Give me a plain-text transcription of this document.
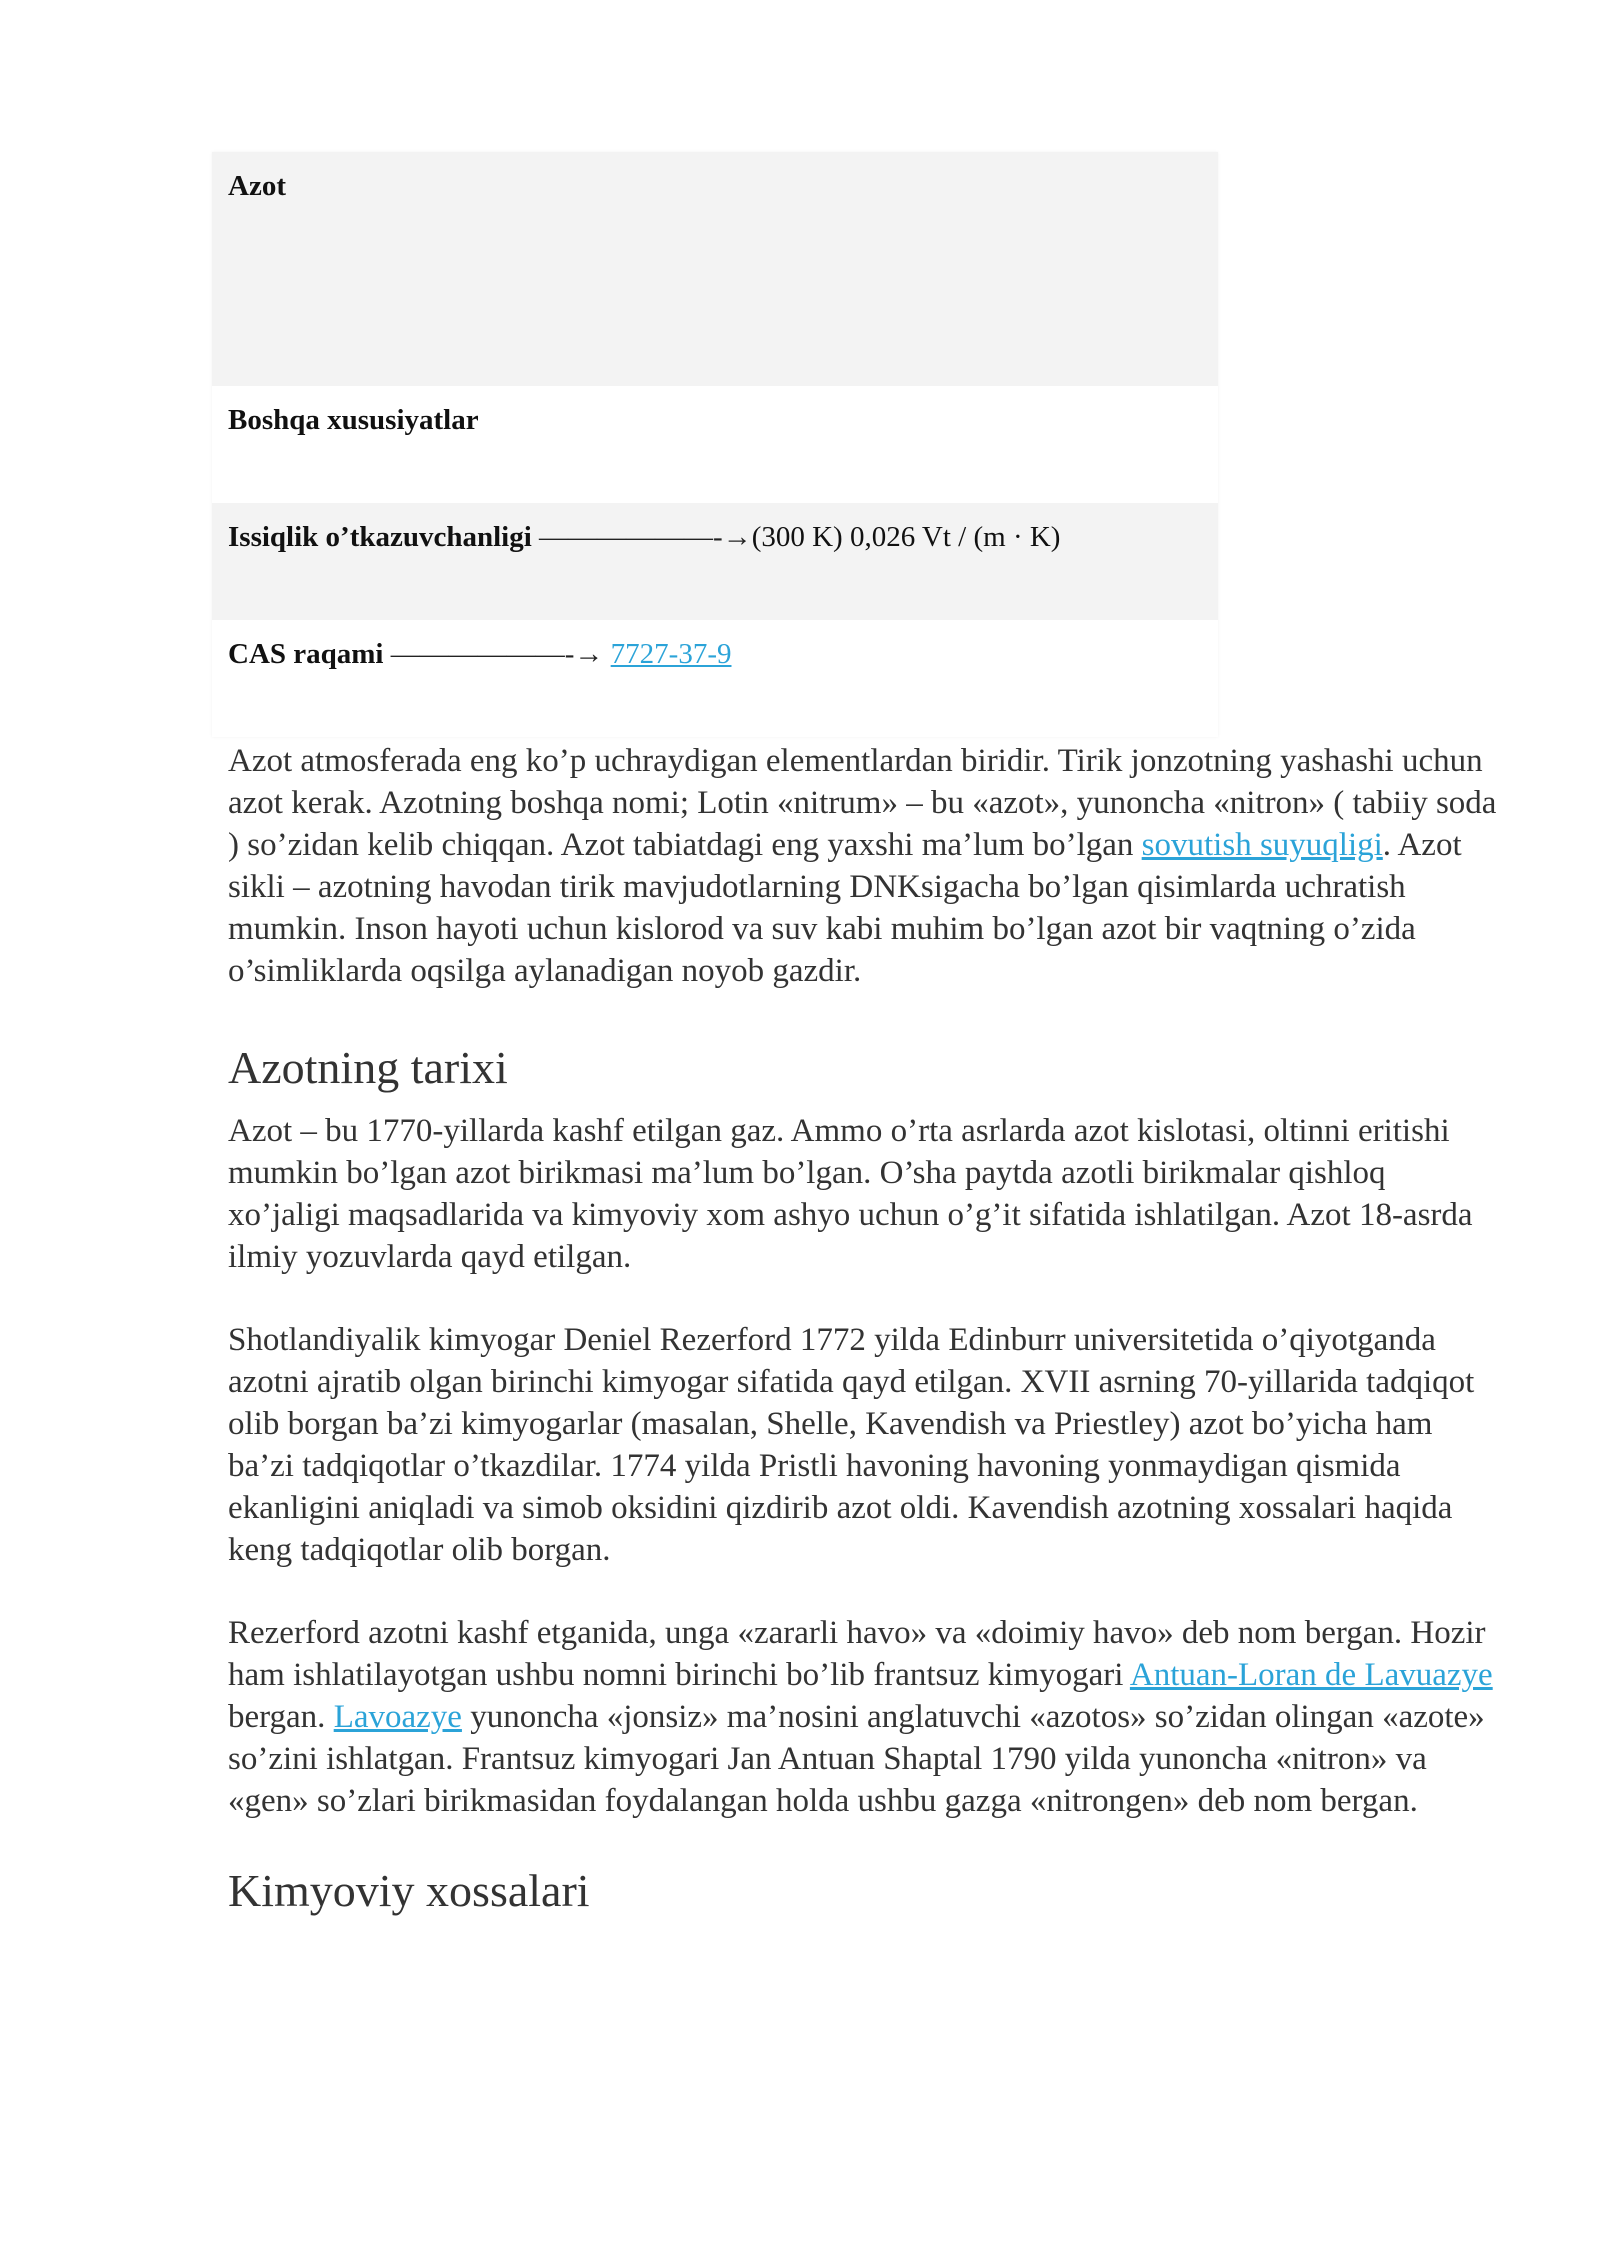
Azot
Boshqa xususiyatlar
Issiqlik o’tkazuvchanligi ——————-→(300 K) 0,026 Vt / (m · K)
CAS raqami ——————-→ 7727-37-9

Azot atmosferada eng ko’p uchraydigan elementlardan biridir. Tirik jonzotning yashashi uchun azot kerak. Azotning boshqa nomi; Lotin «nitrum» – bu «azot», yunoncha «nitron» ( tabiiy soda ) so’zidan kelib chiqqan. Azot tabiatdagi eng yaxshi ma’lum bo’lgan sovutish suyuqligi. Azot sikli – azotning havodan tirik mavjudotlarning DNKsigacha bo’lgan qisimlarda uchratish mumkin. Inson hayoti uchun kislorod va suv kabi muhim bo’lgan azot bir vaqtning o’zida o’simliklarda oqsilga aylanadigan noyob gazdir.

Azotning tarixi

Azot – bu 1770-yillarda kashf etilgan gaz. Ammo o’rta asrlarda azot kislotasi, oltinni eritishi mumkin bo’lgan azot birikmasi ma’lum bo’lgan. O’sha paytda azotli birikmalar qishloq xo’jaligi maqsadlarida va kimyoviy xom ashyo uchun o’g’it sifatida ishlatilgan. Azot 18-asrda ilmiy yozuvlarda qayd etilgan.

Shotlandiyalik kimyogar Deniel Rezerford 1772 yilda Edinburr universitetida o’qiyotganda azotni ajratib olgan birinchi kimyogar sifatida qayd etilgan. XVII asrning 70-yillarida tadqiqot olib borgan ba’zi kimyogarlar (masalan, Shelle, Kavendish va Priestley) azot bo’yicha ham ba’zi tadqiqotlar o’tkazdilar. 1774 yilda Pristli havoning havoning yonmaydigan qismida ekanligini aniqladi va simob oksidini qizdirib azot oldi. Kavendish azotning xossalari haqida keng tadqiqotlar olib borgan.

Rezerford azotni kashf etganida, unga «zararli havo» va «doimiy havo» deb nom bergan. Hozir ham ishlatilayotgan ushbu nomni birinchi bo’lib frantsuz kimyogari Antuan-Loran de Lavuazye bergan. Lavoazye yunoncha «jonsiz» ma’nosini anglatuvchi «azotos» so’zidan olingan «azote» so’zini ishlatgan. Frantsuz kimyogari Jan Antuan Shaptal 1790 yilda yunoncha «nitron» va «gen» so’zlari birikmasidan foydalangan holda ushbu gazga «nitrongen» deb nom bergan.

Kimyoviy xossalari
